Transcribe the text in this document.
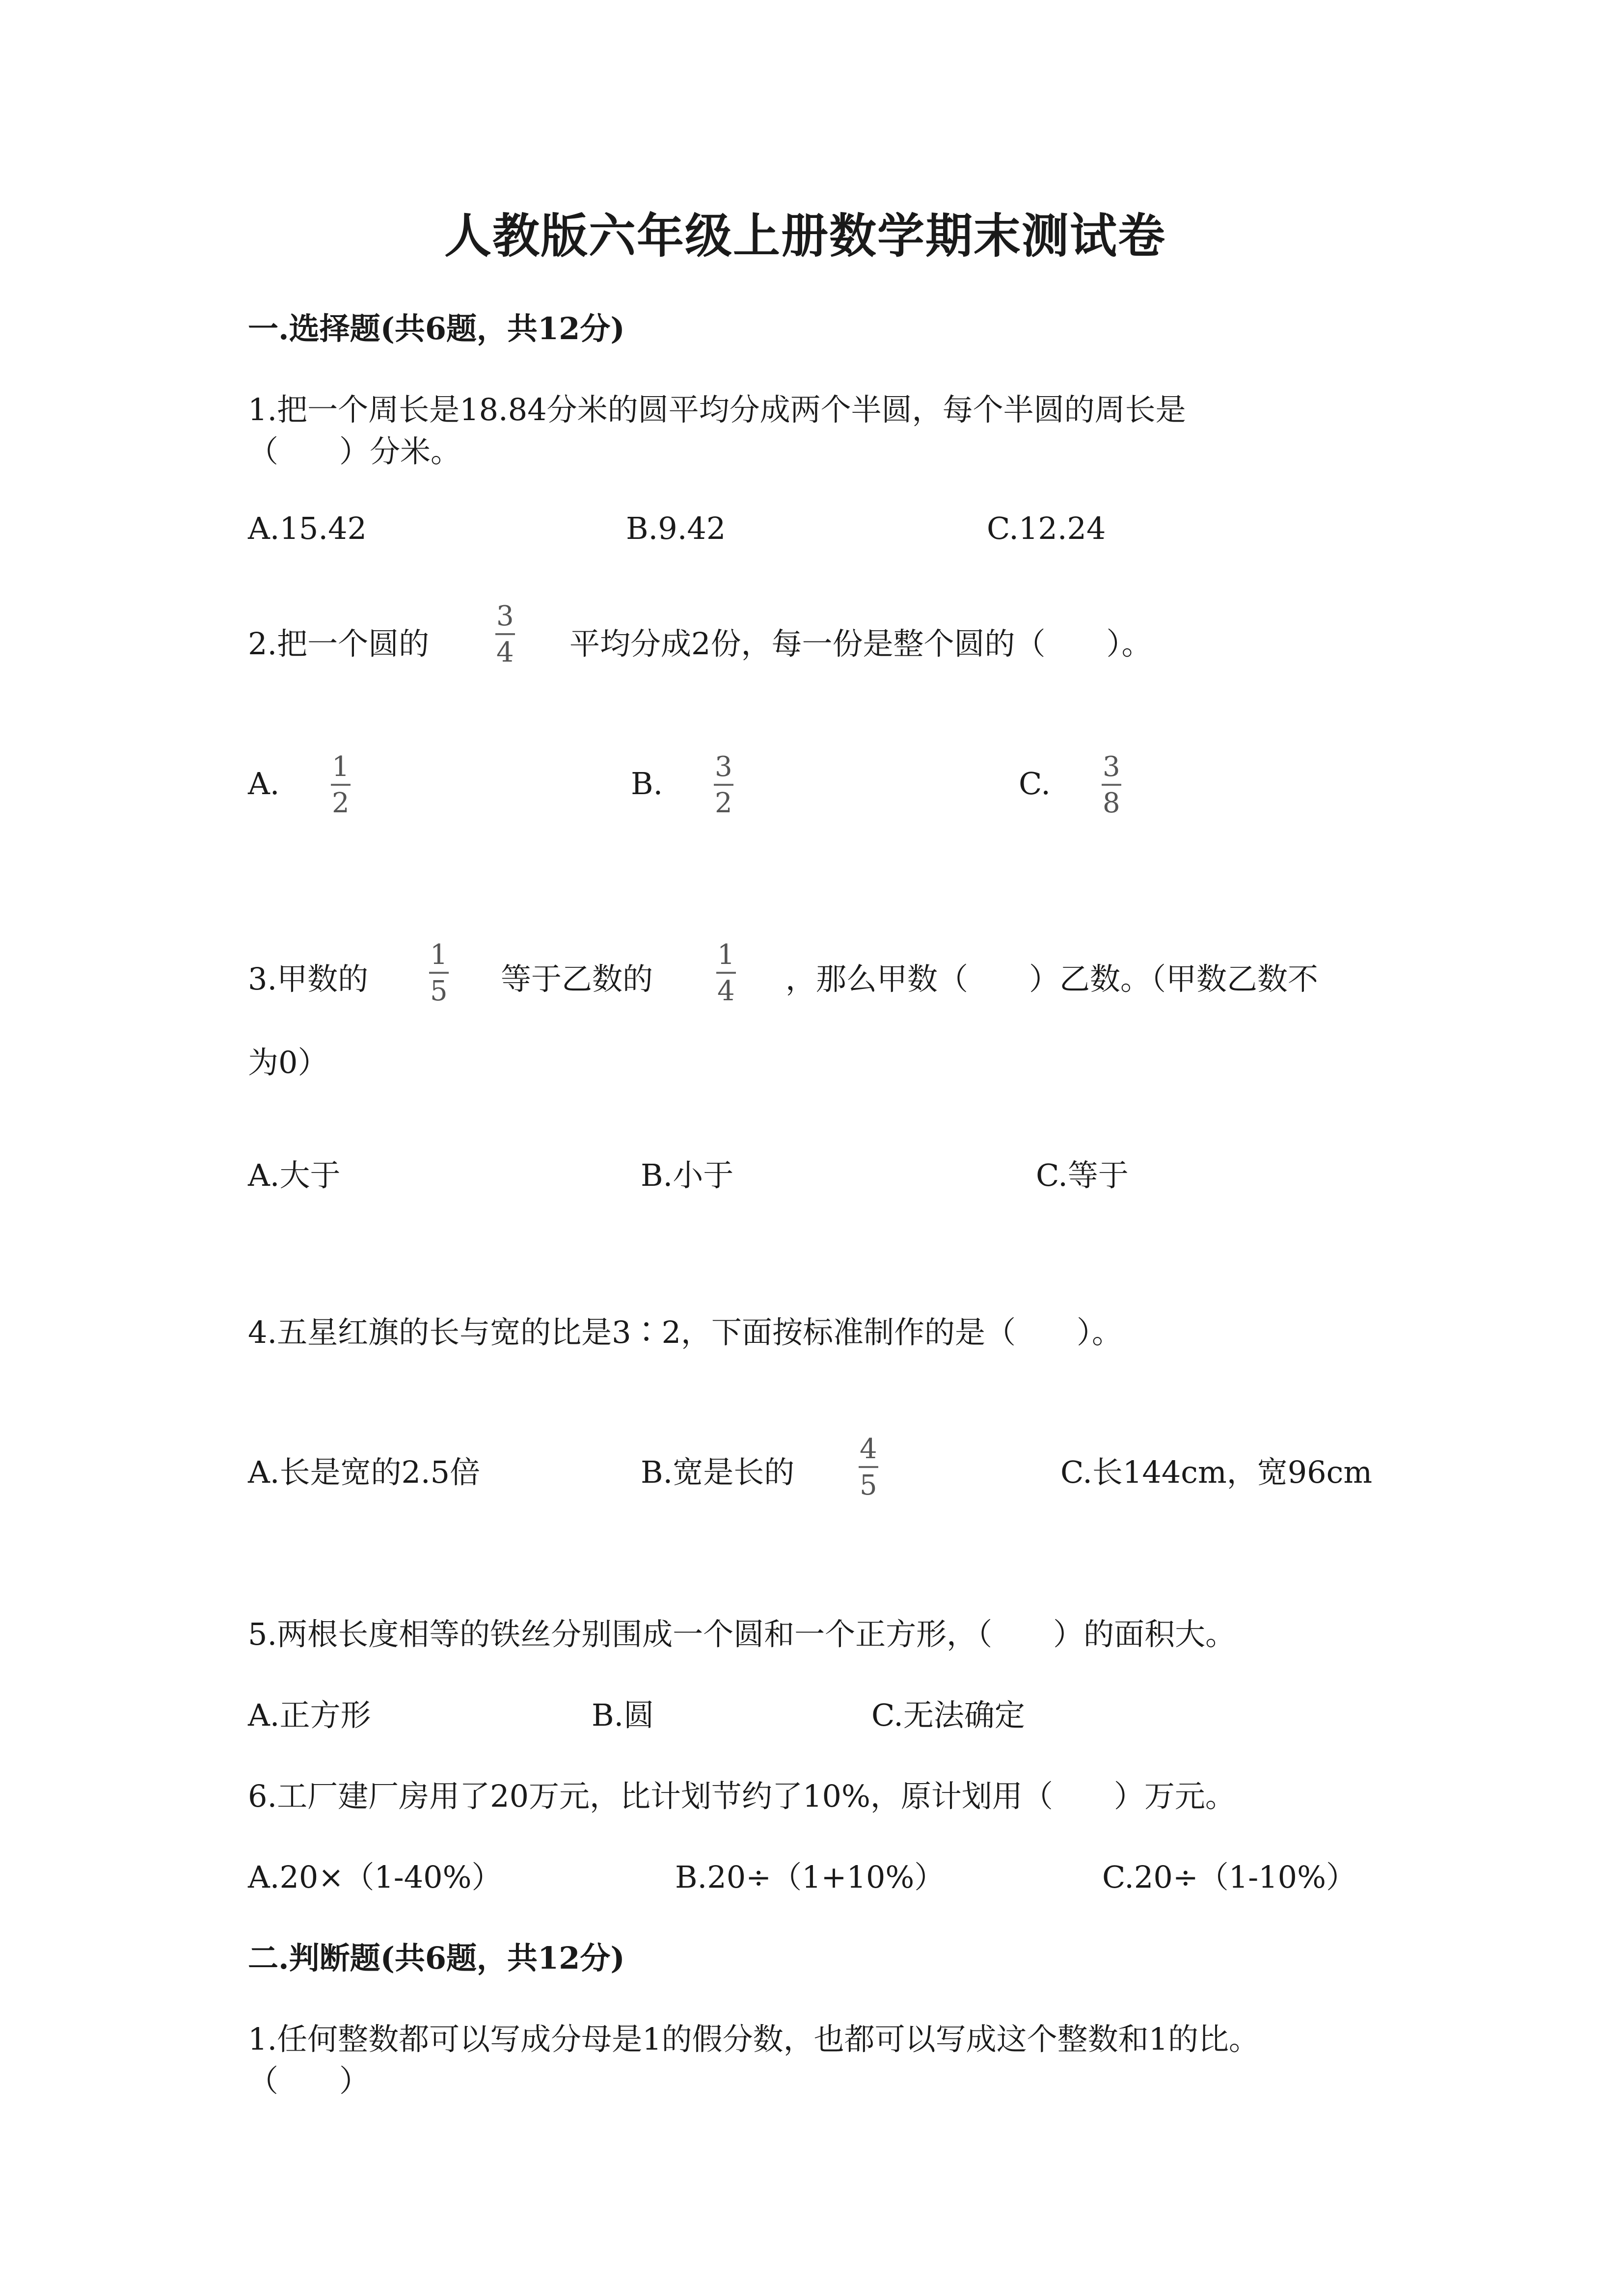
人教版六年级上册数学期末测试卷
一.选择题(共6题，共12分)
1.把一个周长是18.84分米的圆平均分成两个半圆，每个半圆的周长是
（　　）分米。
A.15.42	B.9.42	C.12.24
2.把一个圆的
3
4 平均分成2份，每一份是整个圆的（　　）。
A. 1
2
B. 3
2
C. 3
8
3.甲数的
1
5 等于乙数的
1
4 ，那么甲数（　　）乙数。（甲数乙数不
为0）
A.大于	B.小于	C.等于
4.五星红旗的长与宽的比是3∶2，下面按标准制作的是（　　）。
A.长是宽的2.5倍	B.宽是长的
4
5	C.长144cm，宽96cm
5.两根长度相等的铁丝分别围成一个圆和一个正方形，（　　）的面积大。
A.正方形	B.圆	C.无法确定
6.工厂建厂房用了20万元，比计划节约了10%，原计划用（　　）万元。
A.20×（1-40%）	B.20÷（1+10%）	C.20÷（1-10%）
二.判断题(共6题，共12分)
1.任何整数都可以写成分母是1的假分数，也都可以写成这个整数和1的比。
（　　）
